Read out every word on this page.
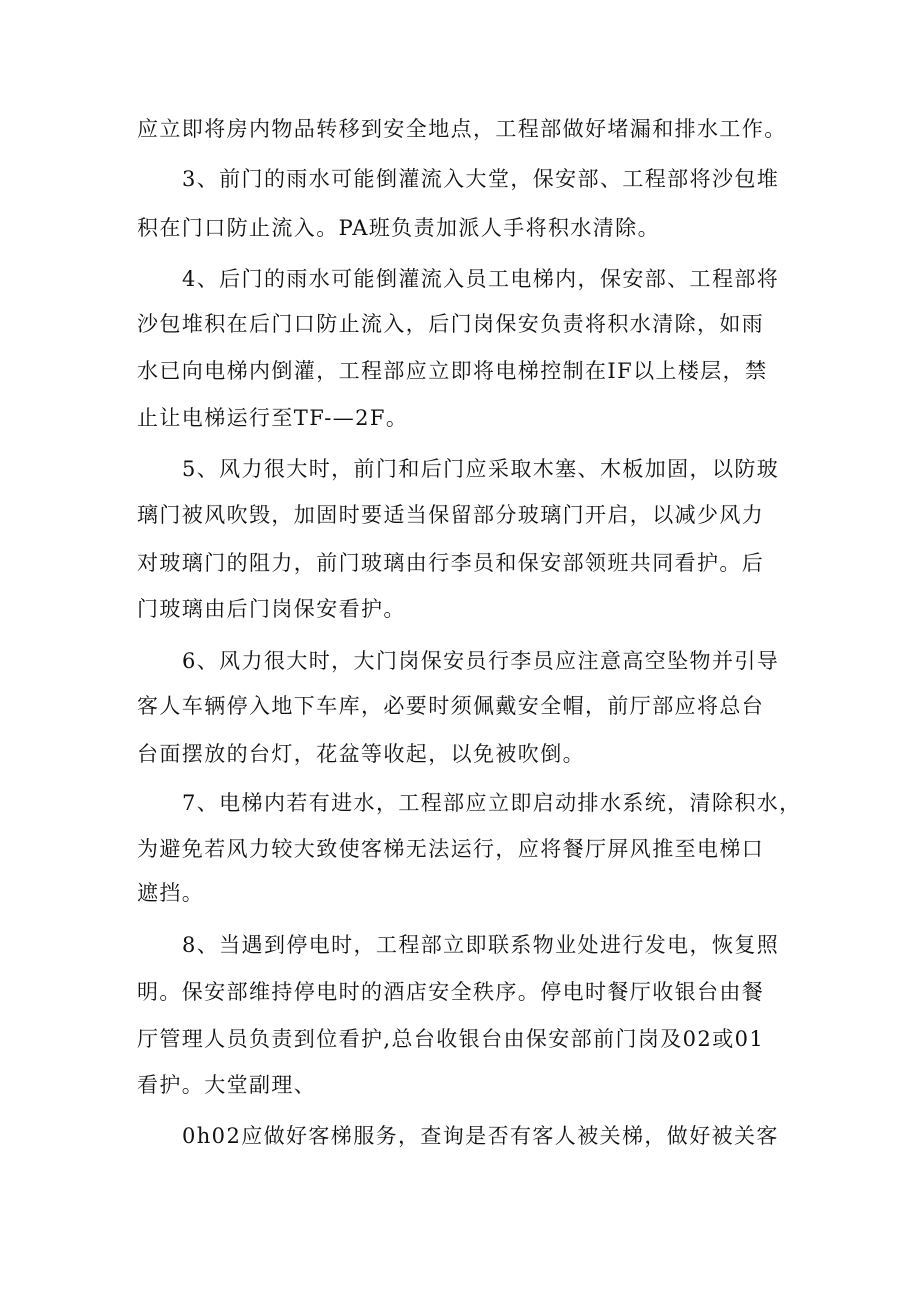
应立即将房内物品转移到安全地点，工程部做好堵漏和排水工作。

3、前门的雨水可能倒灌流入大堂，保安部、工程部将沙包堆

积在门口防止流入。PA班负责加派人手将积水清除。

4、后门的雨水可能倒灌流入员工电梯内，保安部、工程部将

沙包堆积在后门口防止流入，后门岗保安负责将积水清除，如雨

水已向电梯内倒灌，工程部应立即将电梯控制在IF以上楼层，禁

止让电梯运行至TF-—2F。

5、风力很大时，前门和后门应采取木塞、木板加固，以防玻

璃门被风吹毁，加固时要适当保留部分玻璃门开启，以减少风力

对玻璃门的阻力，前门玻璃由行李员和保安部领班共同看护。后

门玻璃由后门岗保安看护。

6、风力很大时，大门岗保安员行李员应注意高空坠物并引导

客人车辆停入地下车库，必要时须佩戴安全帽，前厅部应将总台

台面摆放的台灯，花盆等收起，以免被吹倒。

7、电梯内若有进水，工程部应立即启动排水系统，清除积水，

为避免若风力较大致使客梯无法运行，应将餐厅屏风推至电梯口

遮挡。

8、当遇到停电时，工程部立即联系物业处进行发电，恢复照

明。保安部维持停电时的酒店安全秩序。停电时餐厅收银台由餐

厅管理人员负责到位看护,总台收银台由保安部前门岗及02或01

看护。大堂副理、

0h02应做好客梯服务，查询是否有客人被关梯，做好被关客
